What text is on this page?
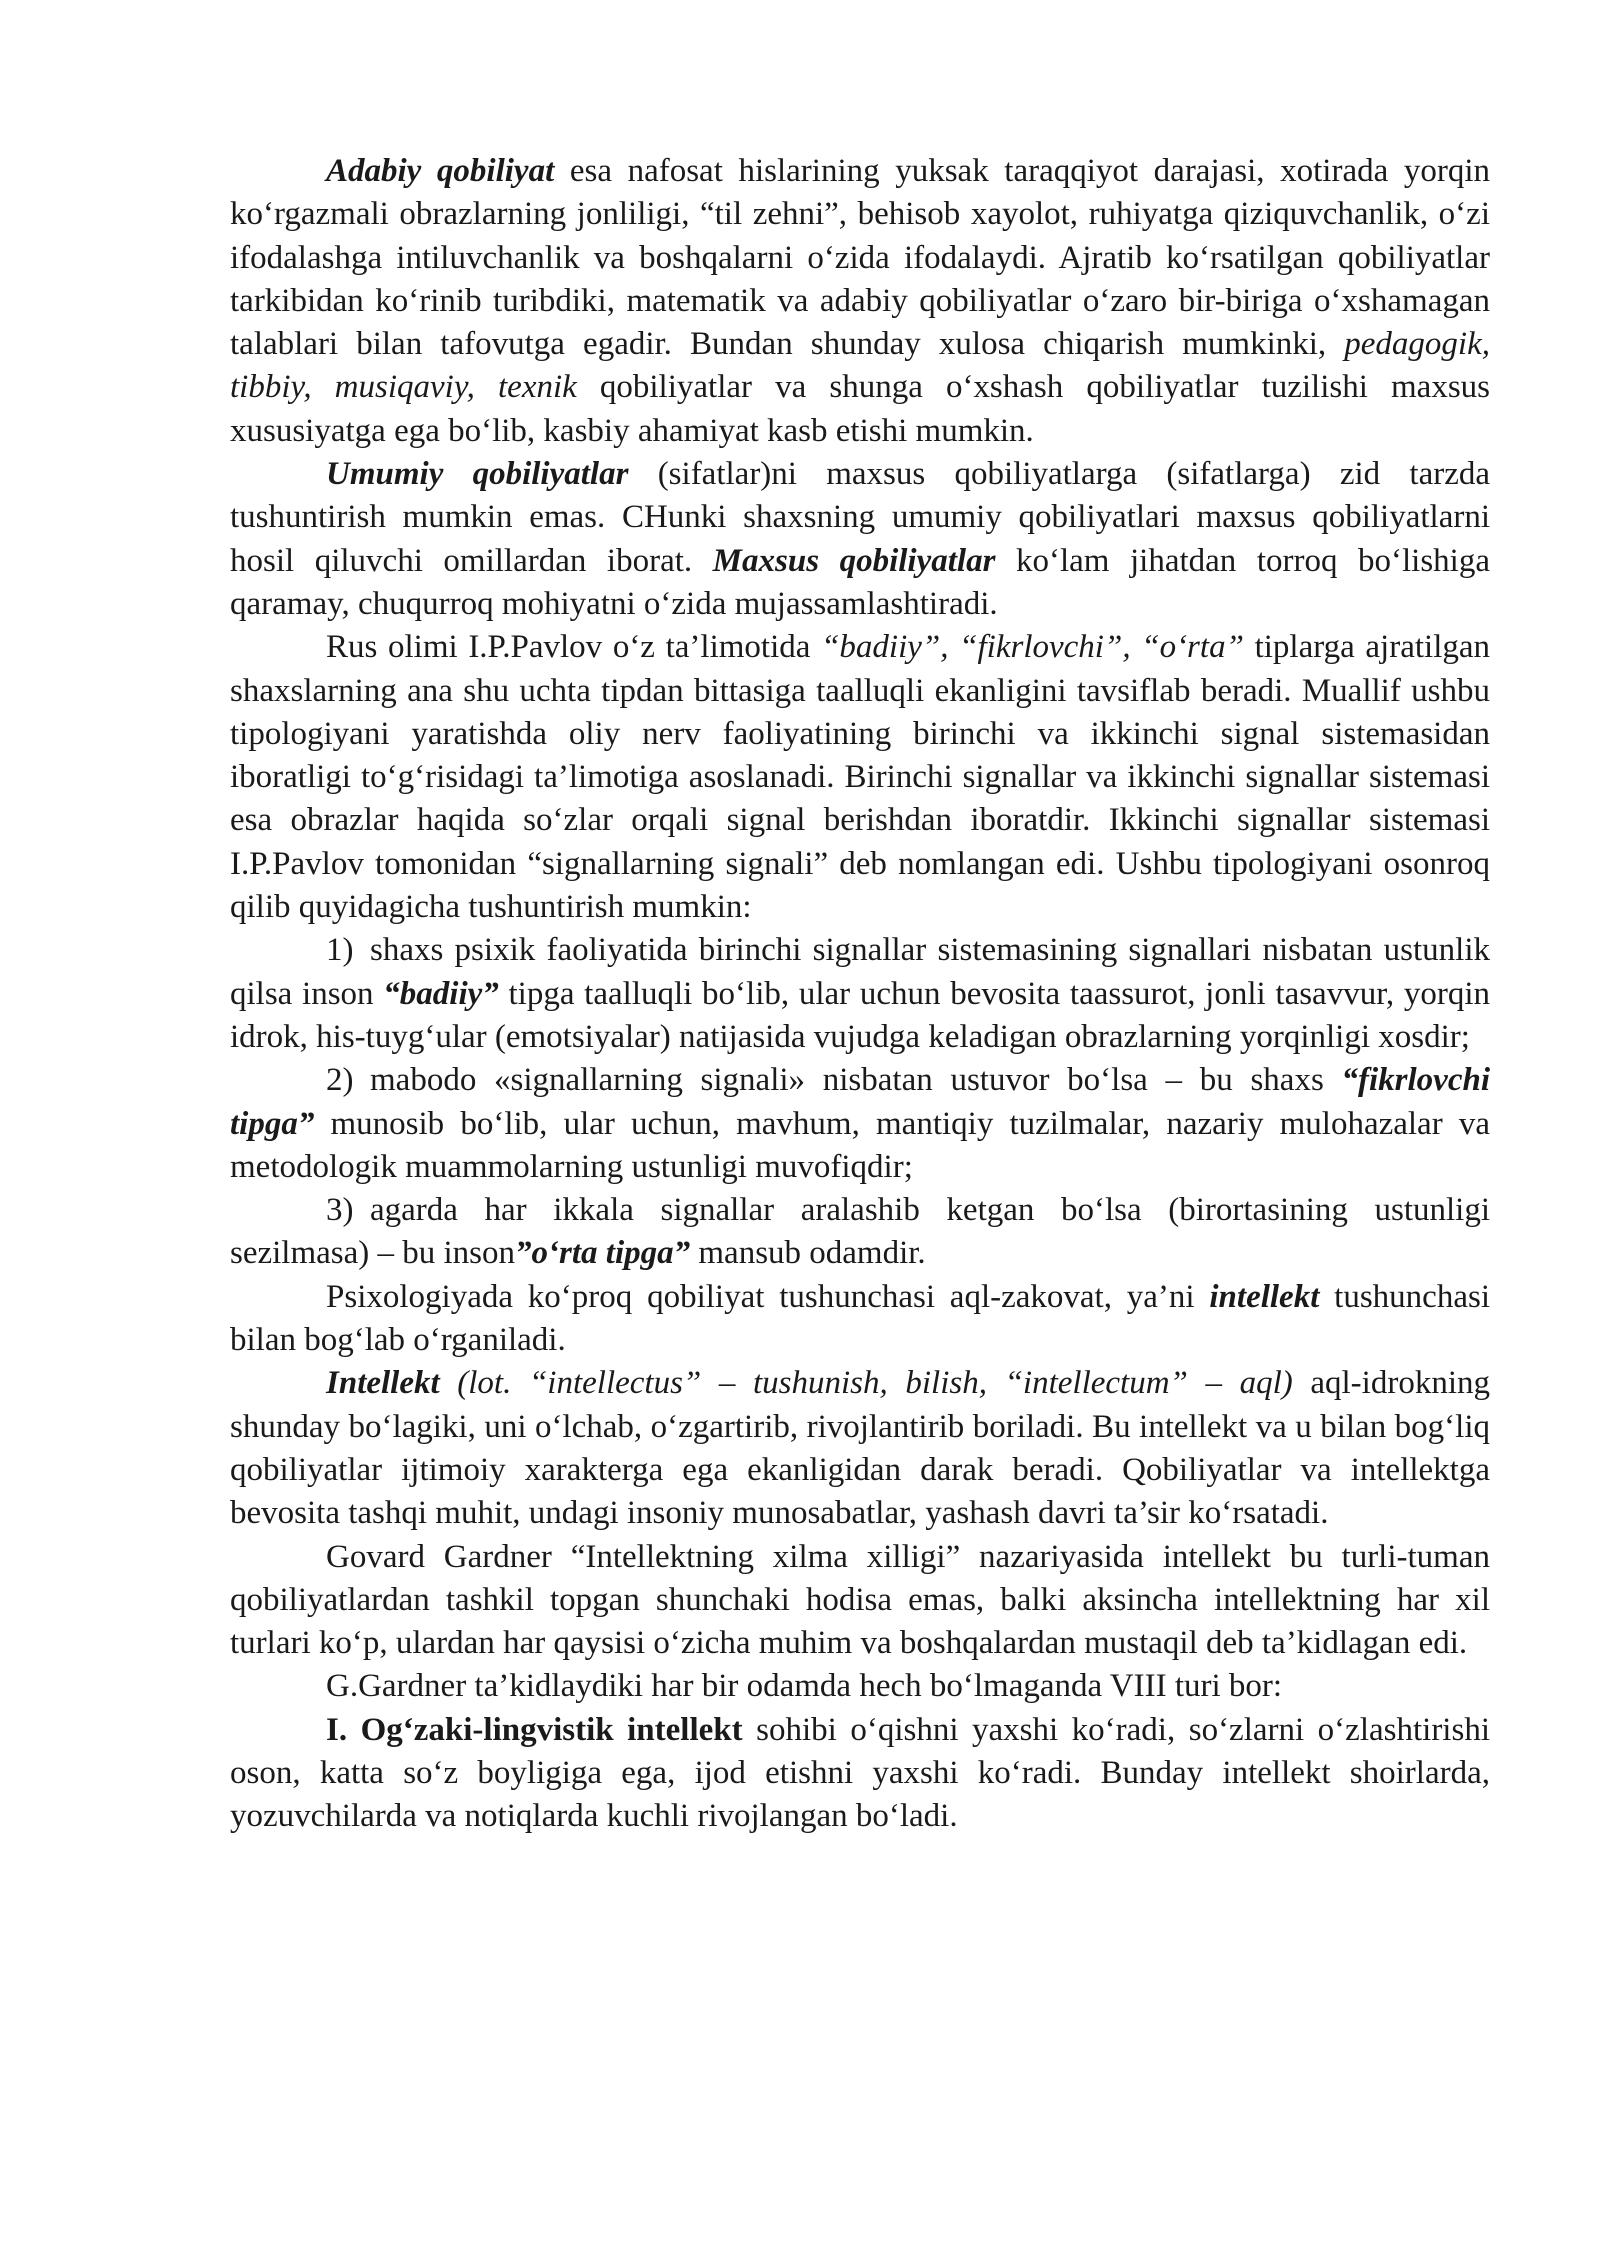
Adabiy qobiliyat esa nafosat hislarining yuksak taraqqiyot darajasi, xotirada yorqin ko‘rgazmali obrazlarning jonliligi, “til zehni”, behisob xayolot, ruhiyatga qiziquvchanlik, o‘zi ifodalashga intiluvchanlik va boshqalarni o‘zida ifodalaydi. Ajratib ko‘rsatilgan qobiliyatlar tarkibidan ko‘rinib turibdiki, matematik va adabiy qobiliyatlar o‘zaro bir-biriga o‘xshamagan talablari bilan tafovutga egadir. Bundan shunday xulosa chiqarish mumkinki, pedagogik, tibbiy, musiqaviy, texnik qobiliyatlar va shunga o‘xshash qobiliyatlar tuzilishi maxsus xususiyatga ega bo‘lib, kasbiy ahamiyat kasb etishi mumkin.

Umumiy qobiliyatlar (sifatlar)ni maxsus qobiliyatlarga (sifatlarga) zid tarzda tushuntirish mumkin emas. CHunki shaxsning umumiy qobiliyatlari maxsus qobiliyatlarni hosil qiluvchi omillardan iborat. Maxsus qobiliyatlar ko‘lam jihatdan torroq bo‘lishiga qaramay, chuqurroq mohiyatni o‘zida mujassamlashtiradi.

Rus olimi I.P.Pavlov o‘z ta’limotida “badiiy”, “fikrlovchi”, “o‘rta” tiplarga ajratilgan shaxslarning ana shu uchta tipdan bittasiga taalluqli ekanligini tavsiflab beradi. Muallif ushbu tipologiyani yaratishda oliy nerv faoliyatining birinchi va ikkinchi signal sistemasidan iboratligi to‘g‘risidagi ta’limotiga asoslanadi. Birinchi signallar va ikkinchi signallar sistemasi esa obrazlar haqida so‘zlar orqali signal berishdan iboratdir. Ikkinchi signallar sistemasi I.P.Pavlov tomonidan “signallarning signali” deb nomlangan edi. Ushbu tipologiyani osonroq qilib quyidagicha tushuntirish mumkin:

1) shaxs psixik faoliyatida birinchi signallar sistemasining signallari nisbatan ustunlik qilsa inson “badiiy” tipga taalluqli bo‘lib, ular uchun bevosita taassurot, jonli tasavvur, yorqin idrok, his-tuyg‘ular (emotsiyalar) natijasida vujudga keladigan obrazlarning yorqinligi xosdir;

2) mabodo «signallarning signali» nisbatan ustuvor bo‘lsa – bu shaxs “fikrlovchi tipga” munosib bo‘lib, ular uchun, mavhum, mantiqiy tuzilmalar, nazariy mulohazalar va metodologik muammolarning ustunligi muvofiqdir;

3) agarda har ikkala signallar aralashib ketgan bo‘lsa (birortasining ustunligi sezilmasa) – bu inson”o‘rta tipga” mansub odamdir.

Psixologiyada ko‘proq qobiliyat tushunchasi aql-zakovat, ya’ni intellekt tushunchasi bilan bog‘lab o‘rganiladi.

Intellekt (lot. “intellectus” – tushunish, bilish, “intellectum” – aql) aql-idrokning shunday bo‘lagiki, uni o‘lchab, o‘zgartirib, rivojlantirib boriladi. Bu intellekt va u bilan bog‘liq qobiliyatlar ijtimoiy xarakterga ega ekanligidan darak beradi. Qobiliyatlar va intellektga bevosita tashqi muhit, undagi insoniy munosabatlar, yashash davri ta’sir ko‘rsatadi.

Govard Gardner “Intellektning xilma xilligi” nazariyasida intellekt bu turli-tuman qobiliyatlardan tashkil topgan shunchaki hodisa emas, balki aksincha intellektning har xil turlari ko‘p, ulardan har qaysisi o‘zicha muhim va boshqalardan mustaqil deb ta’kidlagan edi.

G.Gardner ta’kidlaydiki har bir odamda hech bo‘lmaganda VIII turi bor:

I. Og‘zaki-lingvistik intellekt sohibi o‘qishni yaxshi ko‘radi, so‘zlarni o‘zlashtirishi oson, katta so‘z boyligiga ega, ijod etishni yaxshi ko‘radi. Bunday intellekt shoirlarda, yozuvchilarda va notiqlarda kuchli rivojlangan bo‘ladi.
